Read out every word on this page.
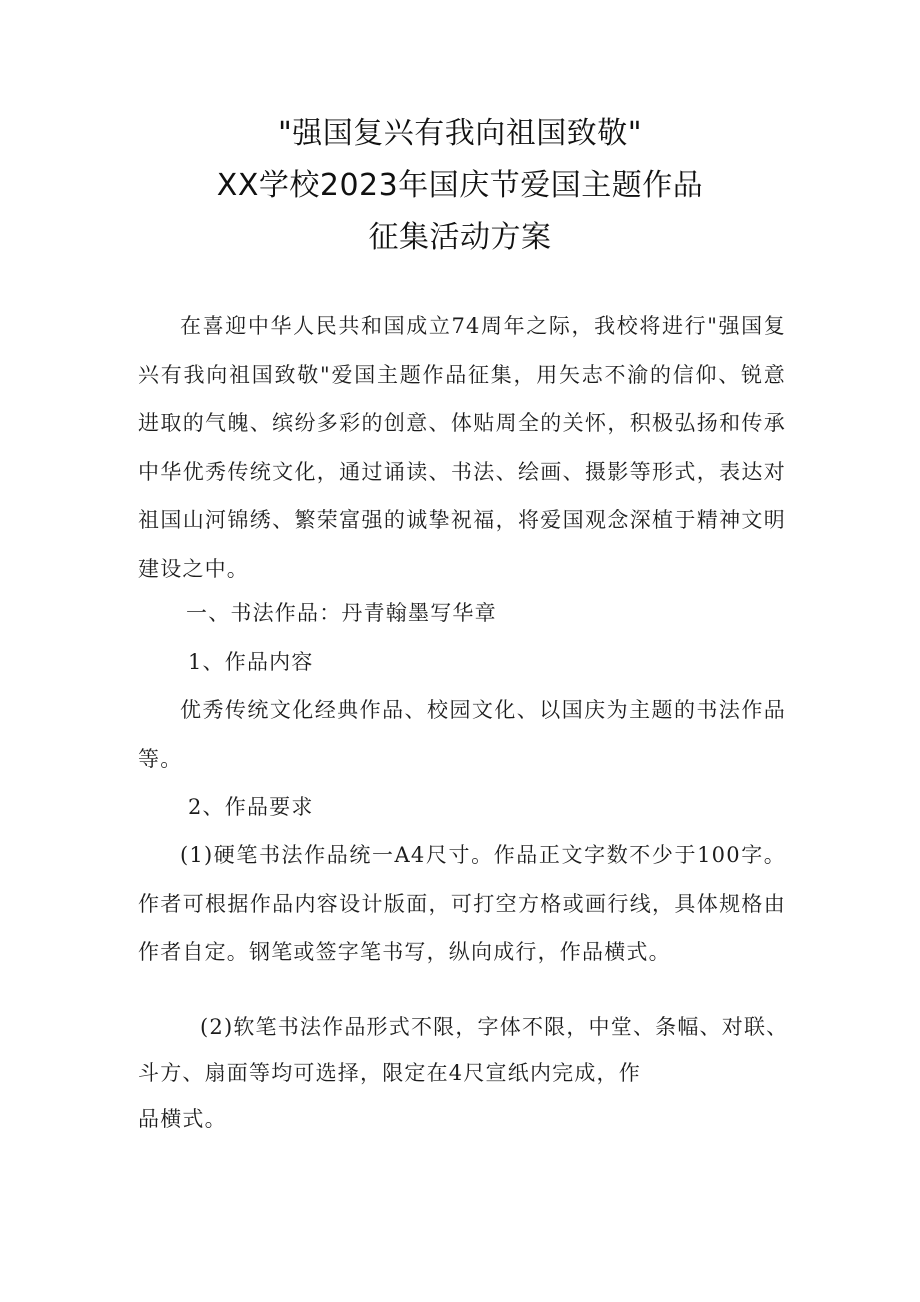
"强国复兴有我向祖国致敬"
XX学校2023年国庆节爱国主题作品
征集活动方案
在喜迎中华人民共和国成立74周年之际，我校将进行"强国复兴有我向祖国致敬"爱国主题作品征集，用矢志不渝的信仰、锐意进取的气魄、缤纷多彩的创意、体贴周全的关怀，积极弘扬和传承中华优秀传统文化，通过诵读、书法、绘画、摄影等形式，表达对祖国山河锦绣、繁荣富强的诚挚祝福，将爱国观念深植于精神文明建设之中。
一、书法作品：丹青翰墨写华章
1、作品内容
优秀传统文化经典作品、校园文化、以国庆为主题的书法作品等。
2、作品要求
(1)硬笔书法作品统一A4尺寸。作品正文字数不少于100字。作者可根据作品内容设计版面，可打空方格或画行线，具体规格由作者自定。钢笔或签字笔书写，纵向成行，作品横式。
(2)软笔书法作品形式不限，字体不限，中堂、条幅、对联、
斗方、扇面等均可选择，限定在4尺宣纸内完成，作
品横式。
